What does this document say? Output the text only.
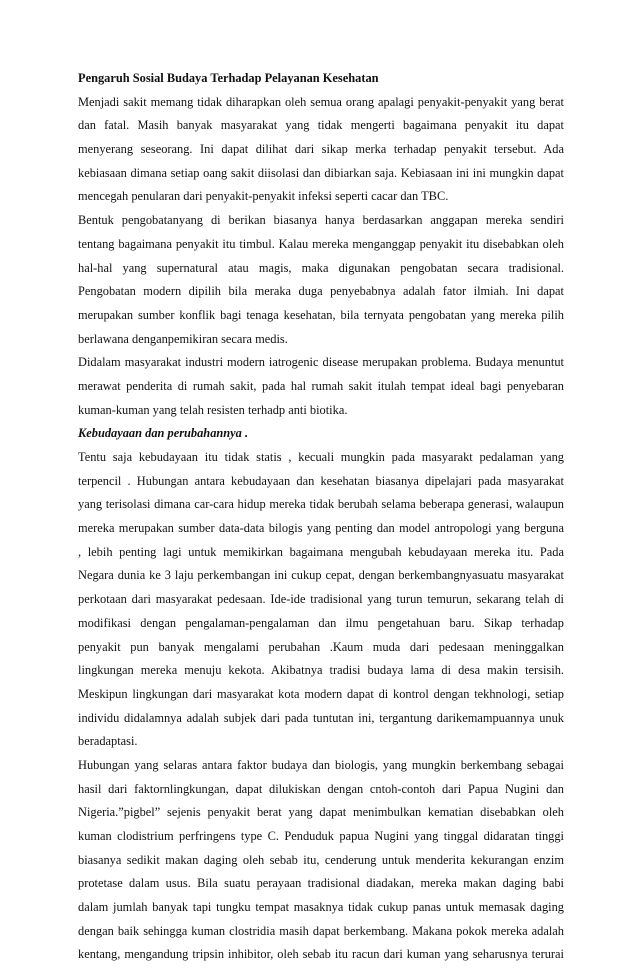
Pengaruh Sosial Budaya Terhadap Pelayanan Kesehatan
Menjadi sakit memang tidak diharapkan oleh semua orang apalagi penyakit-penyakit yang berat
dan fatal. Masih banyak masyarakat yang tidak mengerti bagaimana penyakit itu dapat
menyerang seseorang. Ini dapat dilihat dari sikap merka terhadap penyakit tersebut. Ada
kebiasaan dimana setiap oang sakit diisolasi dan dibiarkan saja. Kebiasaan ini ini mungkin dapat
mencegah penularan dari penyakit-penyakit infeksi seperti cacar dan TBC.
Bentuk pengobatanyang di berikan biasanya hanya berdasarkan anggapan mereka sendiri
tentang bagaimana penyakit itu timbul. Kalau mereka menganggap penyakit itu disebabkan oleh
hal-hal yang supernatural atau magis, maka digunakan pengobatan secara tradisional.
Pengobatan modern dipilih bila meraka duga penyebabnya adalah fator ilmiah. Ini dapat
merupakan sumber konflik bagi tenaga kesehatan, bila ternyata pengobatan yang mereka pilih
berlawana denganpemikiran secara medis.
Didalam masyarakat industri modern iatrogenic disease merupakan problema. Budaya menuntut
merawat penderita di rumah sakit, pada hal rumah sakit itulah tempat ideal bagi penyebaran
kuman-kuman yang telah resisten terhadp anti biotika.
Kebudayaan dan perubahannya .
Tentu saja kebudayaan itu tidak statis , kecuali mungkin pada masyarakt pedalaman yang
terpencil . Hubungan antara kebudayaan dan kesehatan biasanya dipelajari pada masyarakat
yang terisolasi dimana car-cara hidup mereka tidak berubah selama beberapa generasi, walaupun
mereka merupakan sumber data-data bilogis yang penting dan model antropologi yang berguna
, lebih penting lagi untuk memikirkan bagaimana mengubah kebudayaan mereka itu. Pada
Negara dunia ke 3 laju perkembangan ini cukup cepat, dengan berkembangnyasuatu masyarakat
perkotaan dari masyarakat pedesaan. Ide-ide tradisional yang turun temurun, sekarang telah di
modifikasi dengan pengalaman-pengalaman dan ilmu pengetahuan baru. Sikap terhadap
penyakit pun banyak mengalami perubahan .Kaum muda dari pedesaan meninggalkan
lingkungan mereka menuju kekota. Akibatnya tradisi budaya lama di desa makin tersisih.
Meskipun lingkungan dari masyarakat kota modern dapat di kontrol dengan tekhnologi, setiap
individu didalamnya adalah subjek dari pada tuntutan ini, tergantung darikemampuannya unuk
beradaptasi.
Hubungan yang selaras antara faktor budaya dan biologis, yang mungkin berkembang sebagai
hasil dari faktornlingkungan, dapat dilukiskan dengan cntoh-contoh dari Papua Nugini dan
Nigeria.”pigbel” sejenis penyakit berat yang dapat menimbulkan kematian disebabkan oleh
kuman clodistrium perfringens type C. Penduduk papua Nugini yang tinggal didaratan tinggi
biasanya sedikit makan daging oleh sebab itu, cenderung untuk menderita kekurangan enzim
protetase dalam usus. Bila suatu perayaan tradisional diadakan, mereka makan daging babi
dalam jumlah banyak tapi tungku tempat masaknya tidak cukup panas untuk memasak daging
dengan baik sehingga kuman clostridia masih dapat berkembang. Makana pokok mereka adalah
kentang, mengandung tripsin inhibitor, oleh sebab itu racun dari kuman yang seharusnya terurai
